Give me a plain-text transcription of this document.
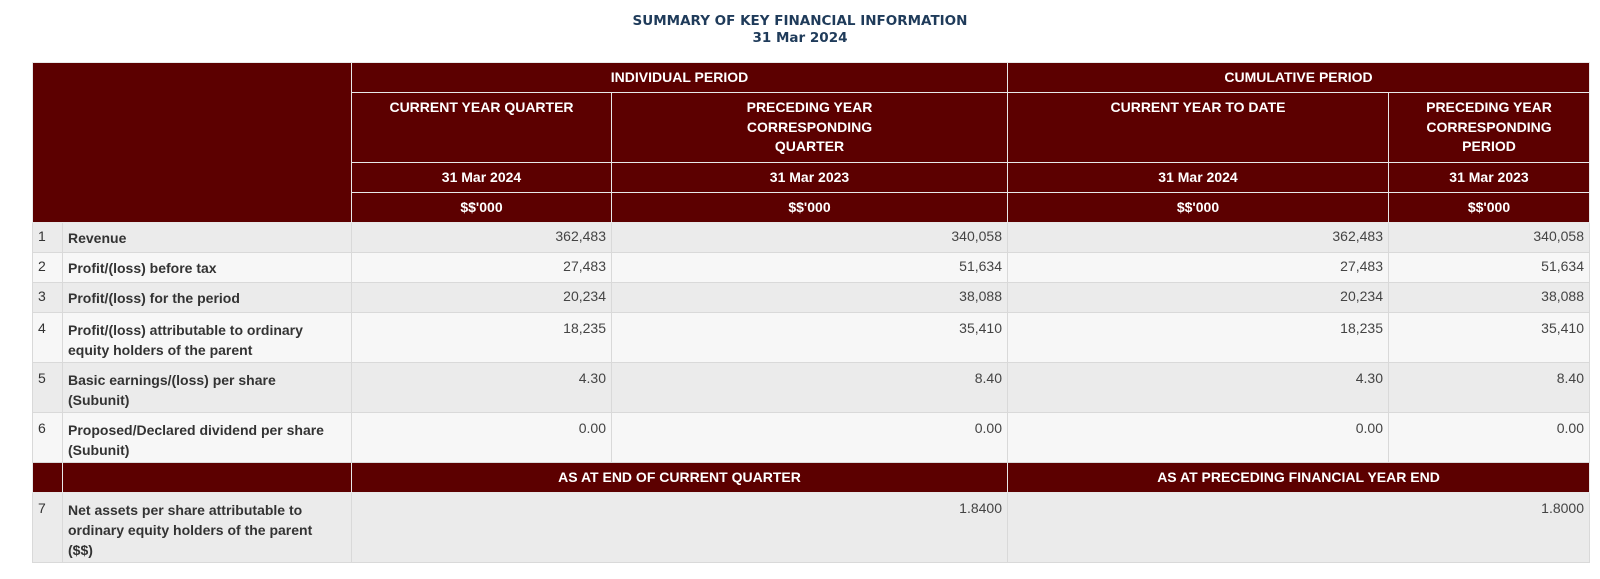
SUMMARY OF KEY FINANCIAL INFORMATION
31 Mar 2024
		INDIVIDUAL PERIOD		CUMULATIVE PERIOD	
		CURRENT YEAR QUARTER	PRECEDING YEAR
CORRESPONDING
QUARTER	CURRENT YEAR TO DATE	PRECEDING YEAR
CORRESPONDING
PERIOD
		31 Mar 2024	31 Mar 2023	31 Mar 2024	31 Mar 2023
		$$'000	$$'000	$$'000	$$'000
1	Revenue	362,483	340,058	362,483	340,058
2	Profit/(loss) before tax	27,483	51,634	27,483	51,634
3	Profit/(loss) for the period	20,234	38,088	20,234	38,088
4	Profit/(loss) attributable to ordinary
equity holders of the parent	18,235	35,410	18,235	35,410
5	Basic earnings/(loss) per share
(Subunit)	4.30	8.40	4.30	8.40
6	Proposed/Declared dividend per share
(Subunit)	0.00	0.00	0.00	0.00
		AS AT END OF CURRENT QUARTER		AS AT PRECEDING FINANCIAL YEAR END	
7	Net assets per share attributable to
ordinary equity holders of the parent
($$)	1.8400		1.8000	
